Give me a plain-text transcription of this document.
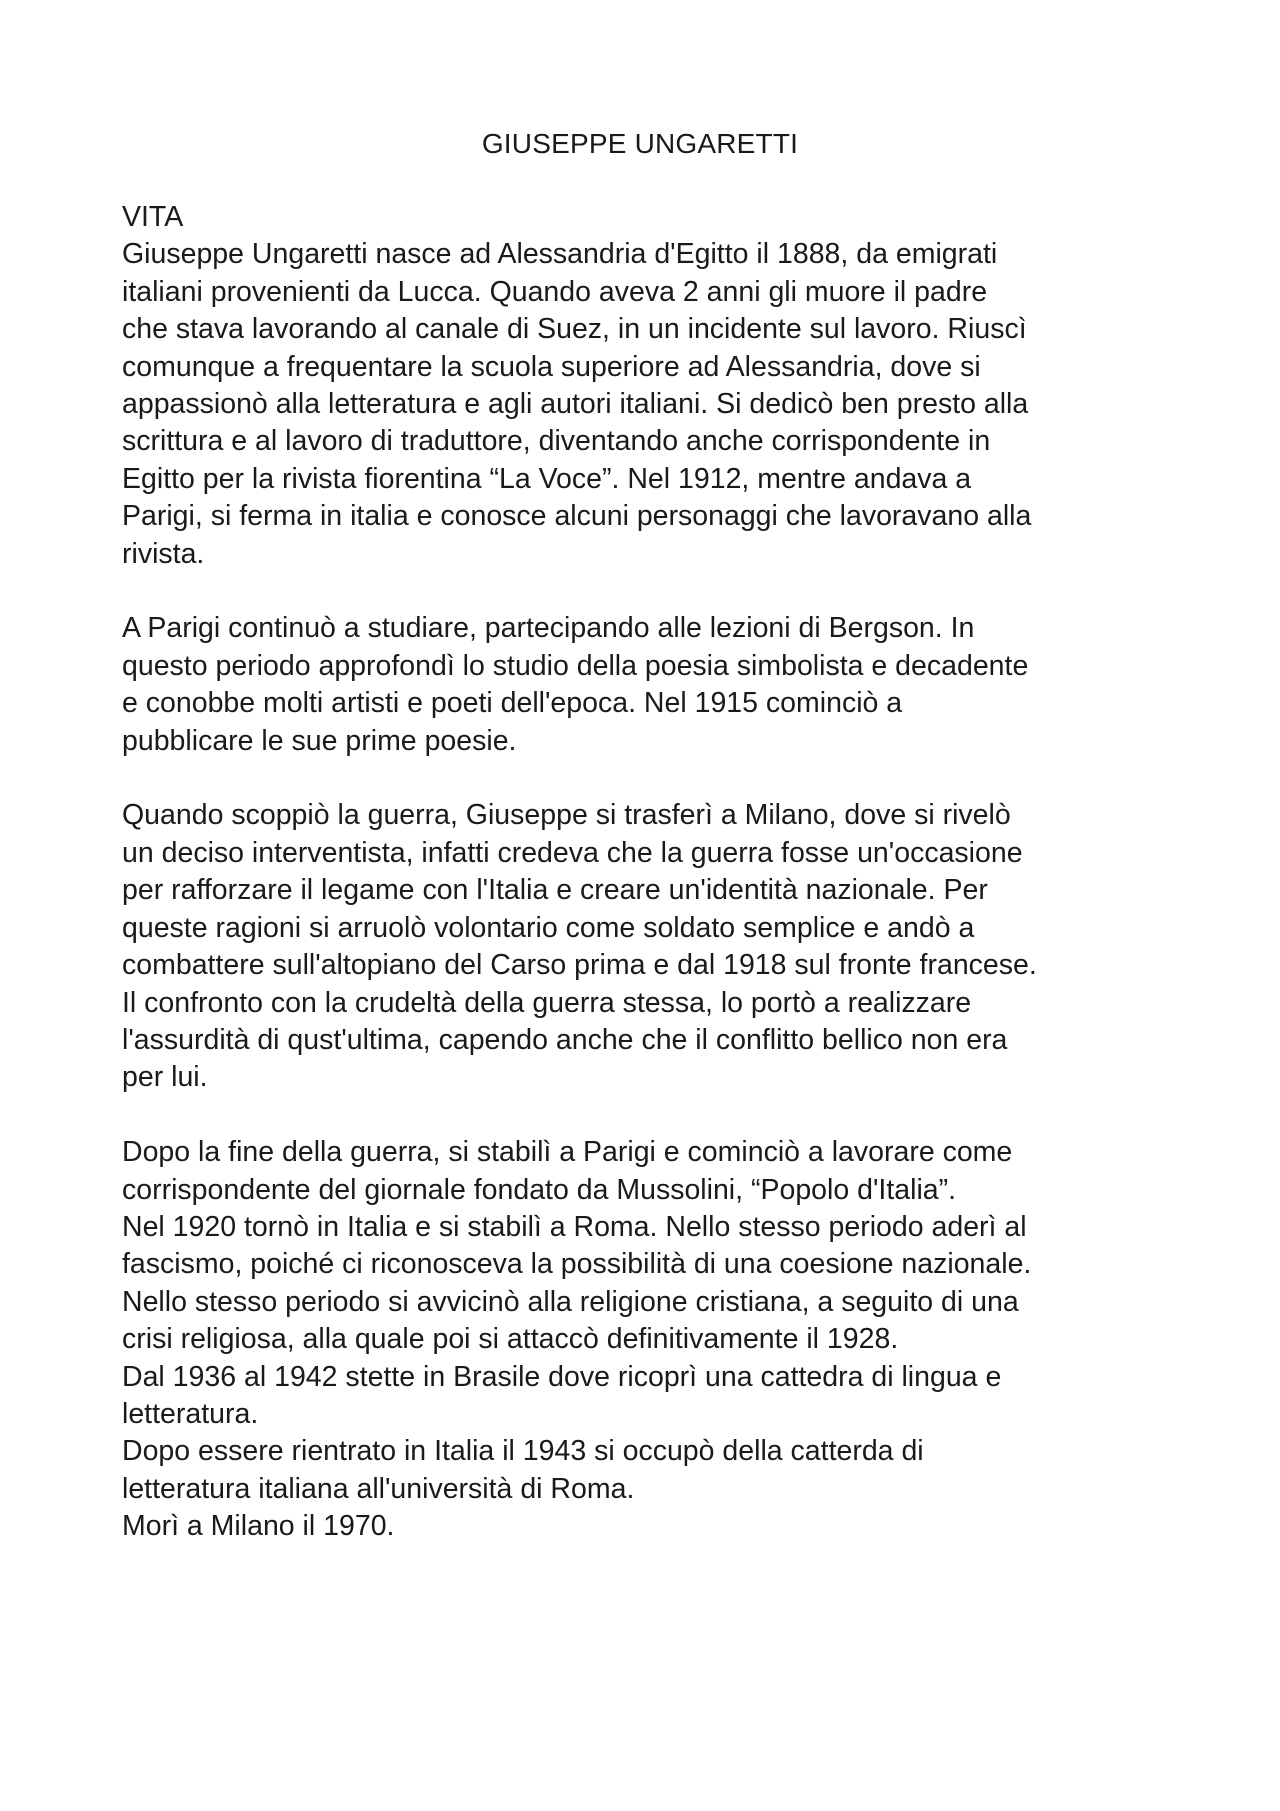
GIUSEPPE UNGARETTI
VITA
Giuseppe Ungaretti nasce ad Alessandria d'Egitto il 1888, da emigrati
italiani provenienti da Lucca. Quando aveva 2 anni gli muore il padre
che stava lavorando al canale di Suez, in un incidente sul lavoro. Riuscì
comunque a frequentare la scuola superiore ad Alessandria, dove si
appassionò alla letteratura e agli autori italiani. Si dedicò ben presto alla
scrittura e al lavoro di traduttore, diventando anche corrispondente in
Egitto per la rivista fiorentina “La Voce”. Nel 1912, mentre andava a
Parigi, si ferma in italia e conosce alcuni personaggi che lavoravano alla
rivista.
A Parigi continuò a studiare, partecipando alle lezioni di Bergson. In
questo periodo approfondì lo studio della poesia simbolista e decadente
e conobbe molti artisti e poeti dell'epoca. Nel 1915 cominciò a
pubblicare le sue prime poesie.
Quando scoppiò la guerra, Giuseppe si trasferì a Milano, dove si rivelò
un deciso interventista, infatti credeva che la guerra fosse un'occasione
per rafforzare il legame con l'Italia e creare un'identità nazionale. Per
queste ragioni si arruolò volontario come soldato semplice e andò a
combattere sull'altopiano del Carso prima e dal 1918 sul fronte francese.
Il confronto con la crudeltà della guerra stessa, lo portò a realizzare
l'assurdità di qust'ultima, capendo anche che il conflitto bellico non era
per lui.
Dopo la fine della guerra, si stabilì a Parigi e cominciò a lavorare come
corrispondente del giornale fondato da Mussolini, “Popolo d'Italia”.
Nel 1920 tornò in Italia e si stabilì a Roma. Nello stesso periodo aderì al
fascismo, poiché ci riconosceva la possibilità di una coesione nazionale.
Nello stesso periodo si avvicinò alla religione cristiana, a seguito di una
crisi religiosa, alla quale poi si attaccò definitivamente il 1928.
Dal 1936 al 1942 stette in Brasile dove ricoprì una cattedra di lingua e
letteratura.
Dopo essere rientrato in Italia il 1943 si occupò della catterda di
letteratura italiana all'università di Roma.
Morì a Milano il 1970.
